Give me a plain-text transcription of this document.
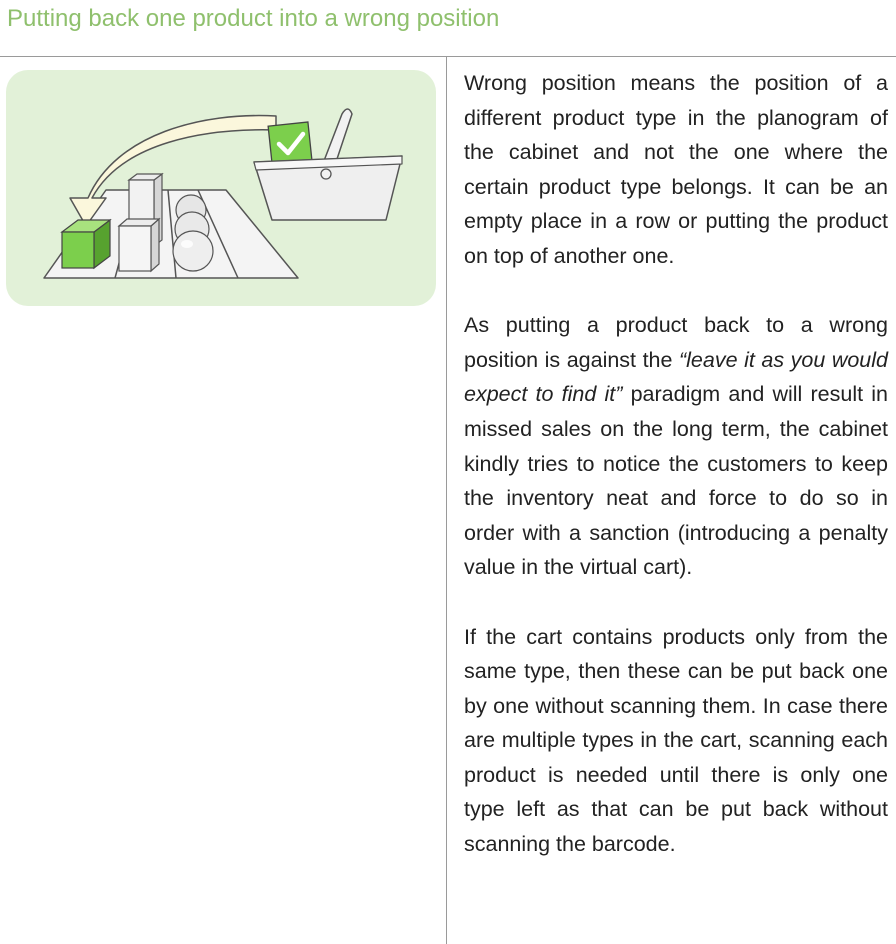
Putting back one product into a wrong position

Wrong position means the position of a different product type in the planogram of the cabinet and not the one where the certain product type belongs. It can be an empty place in a row or putting the product on top of another one.

As putting a product back to a wrong position is against the “leave it as you would expect to find it” paradigm and will result in missed sales on the long term, the cabinet kindly tries to notice the customers to keep the inventory neat and force to do so in order with a sanction (introducing a penalty value in the virtual cart).

If the cart contains products only from the same type, then these can be put back one by one without scanning them. In case there are multiple types in the cart, scanning each product is needed until there is only one type left as that can be put back without scanning the barcode.
